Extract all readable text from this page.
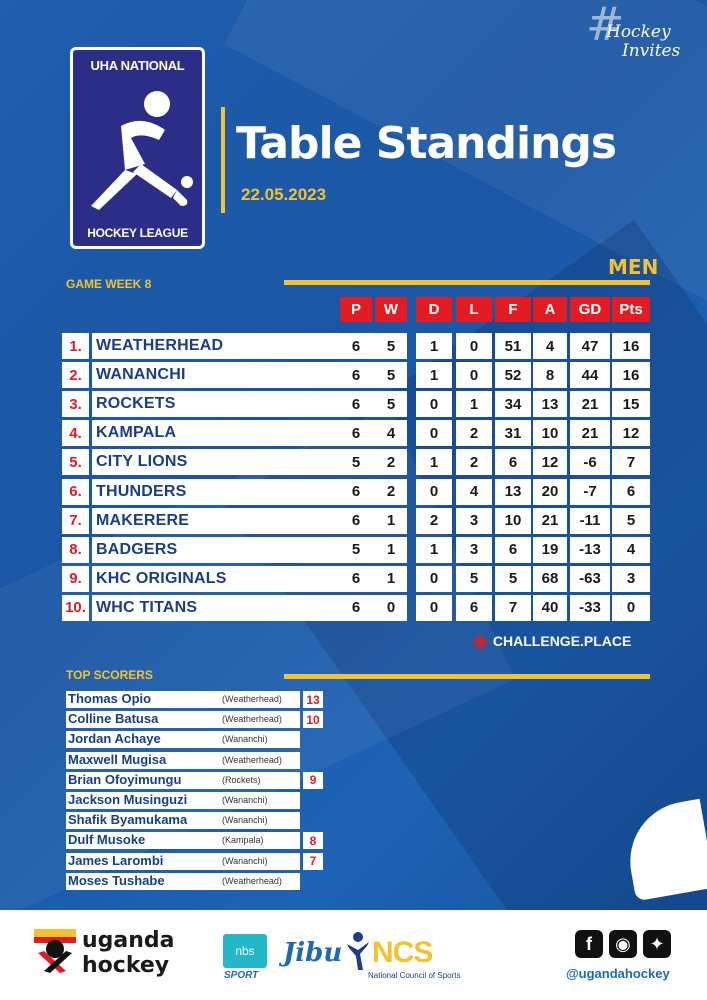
UHA NATIONAL
HOCKEY LEAGUE
Table Standings
22.05.2023
#
Hockey
Invites
GAME WEEK 8
MEN
P	W	D	L	F	A	GD	Pts
1. WEATHERHEAD	6	5	1	0	51	4	47	16
2. WANANCHI	6	5	1	0	52	8	44	16
3. ROCKETS	6	5	0	1	34	13	21	15
4. KAMPALA	6	4	0	2	31	10	21	12
5. CITY LIONS	5	2	1	2	6	12	-6	7
6. THUNDERS	6	2	0	4	13	20	-7	6
7. MAKERERE	6	1	2	3	10	21	-11	5
8. BADGERS	5	1	1	3	6	19	-13	4
9. KHC ORIGINALS	6	1	0	5	5	68	-63	3
10. WHC TITANS	6	0	0	6	7	40	-33	0
◈ CHALLENGE.PLACE
TOP SCORERS
Thomas Opio	(Weatherhead) 13
Colline Batusa	(Weatherhead) 10
Jordan Achaye	(Wananchi)
Maxwell Mugisa	(Weatherhead)
Brian Ofoyimungu	(Rockets)	9
Jackson Musinguzi	(Wananchi)
Shafik Byamukama	(Wananchi)
Dulf Musoke	(Kampala)	8
James Larombi	(Wananchi)	7
Moses Tushabe	(Weatherhead)
uganda
hockey
nbs
SPORT
Jibu NCS
National Council of Sports
f	◉	✦
@ugandahockey
